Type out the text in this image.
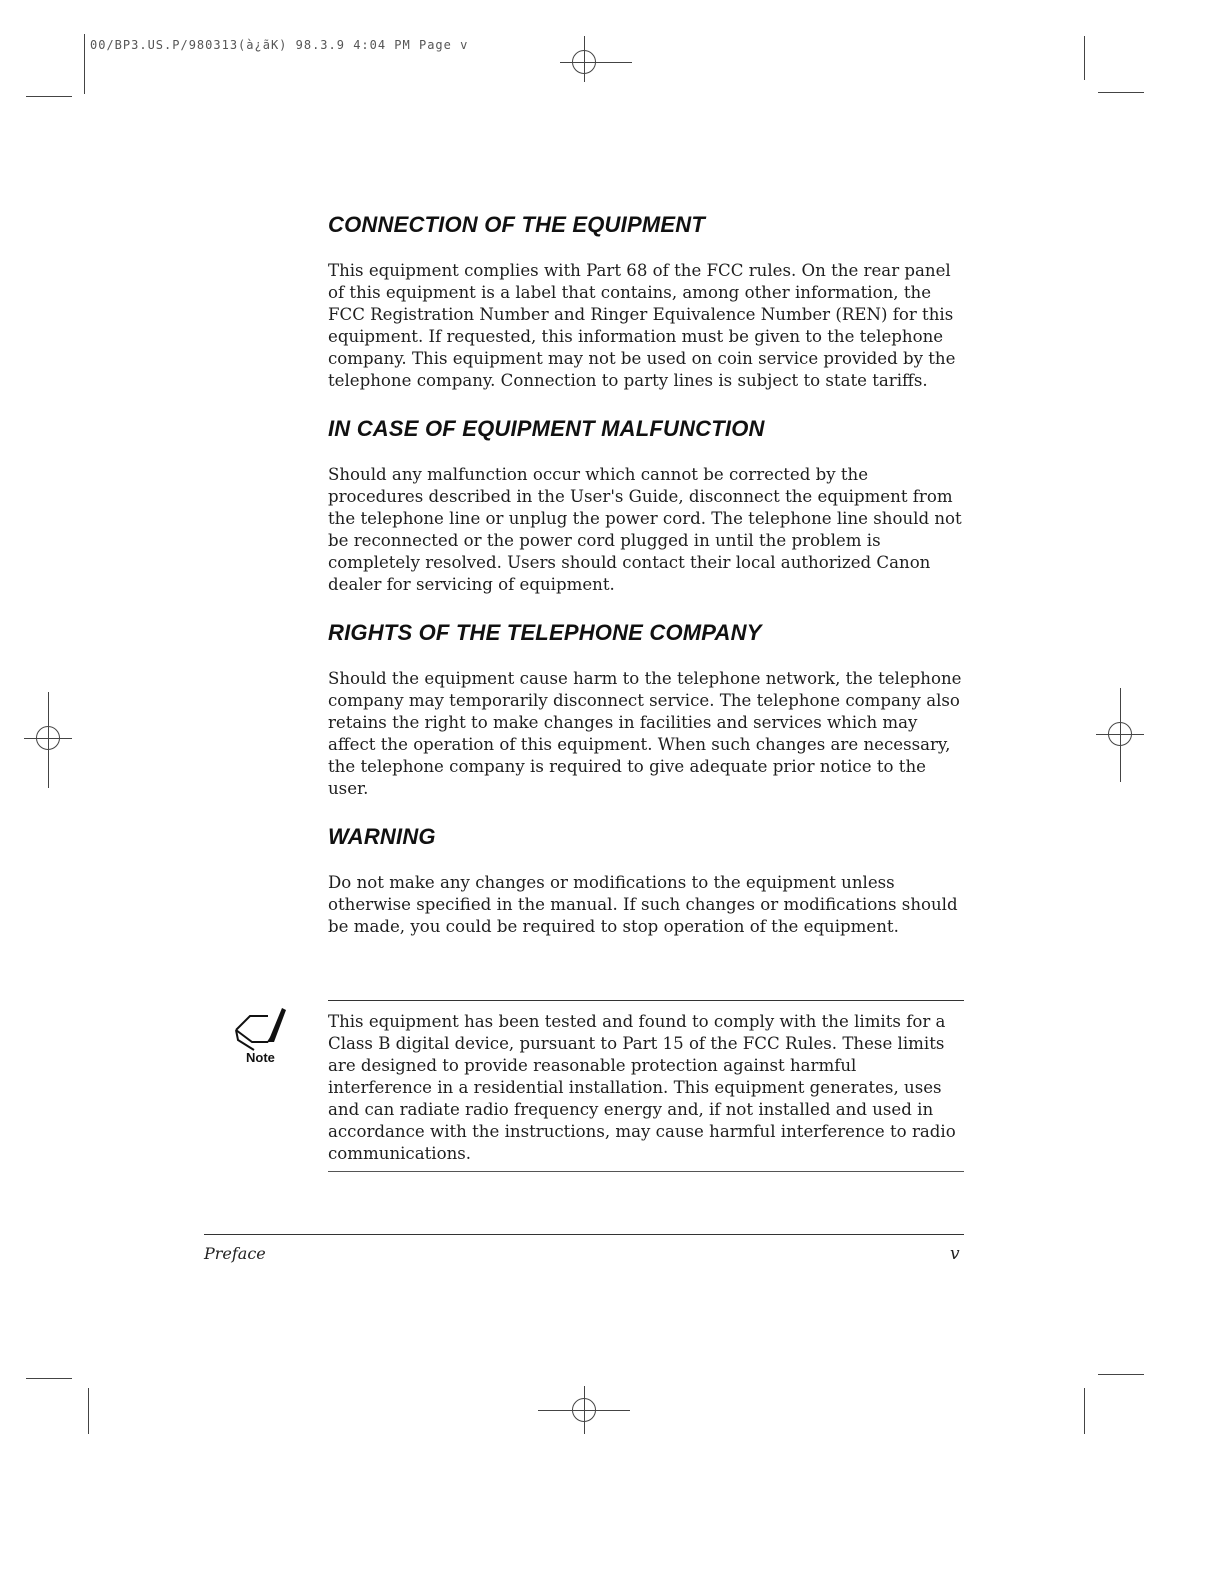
00/BP3.US.P/980313(à¿ãK) 98.3.9 4:04 PM Page v
CONNECTION OF THE EQUIPMENT

This equipment complies with Part 68 of the FCC rules. On the rear panel of this equipment is a label that contains, among other information, the FCC Registration Number and Ringer Equivalence Number (REN) for this equipment. If requested, this information must be given to the telephone company. This equipment may not be used on coin service provided by the telephone company. Connection to party lines is subject to state tariffs.

IN CASE OF EQUIPMENT MALFUNCTION

Should any malfunction occur which cannot be corrected by the procedures described in the User's Guide, disconnect the equipment from the telephone line or unplug the power cord. The telephone line should not be reconnected or the power cord plugged in until the problem is completely resolved. Users should contact their local authorized Canon dealer for servicing of equipment.

RIGHTS OF THE TELEPHONE COMPANY

Should the equipment cause harm to the telephone network, the telephone company may temporarily disconnect service. The telephone company also retains the right to make changes in facilities and services which may affect the operation of this equipment. When such changes are necessary, the telephone company is required to give adequate prior notice to the user.

WARNING

Do not make any changes or modifications to the equipment unless otherwise specified in the manual. If such changes or modifications should be made, you could be required to stop operation of the equipment.

Note

This equipment has been tested and found to comply with the limits for a Class B digital device, pursuant to Part 15 of the FCC Rules. These limits are designed to provide reasonable protection against harmful interference in a residential installation. This equipment generates, uses and can radiate radio frequency energy and, if not installed and used in accordance with the instructions, may cause harmful interference to radio communications.

Preface	v
